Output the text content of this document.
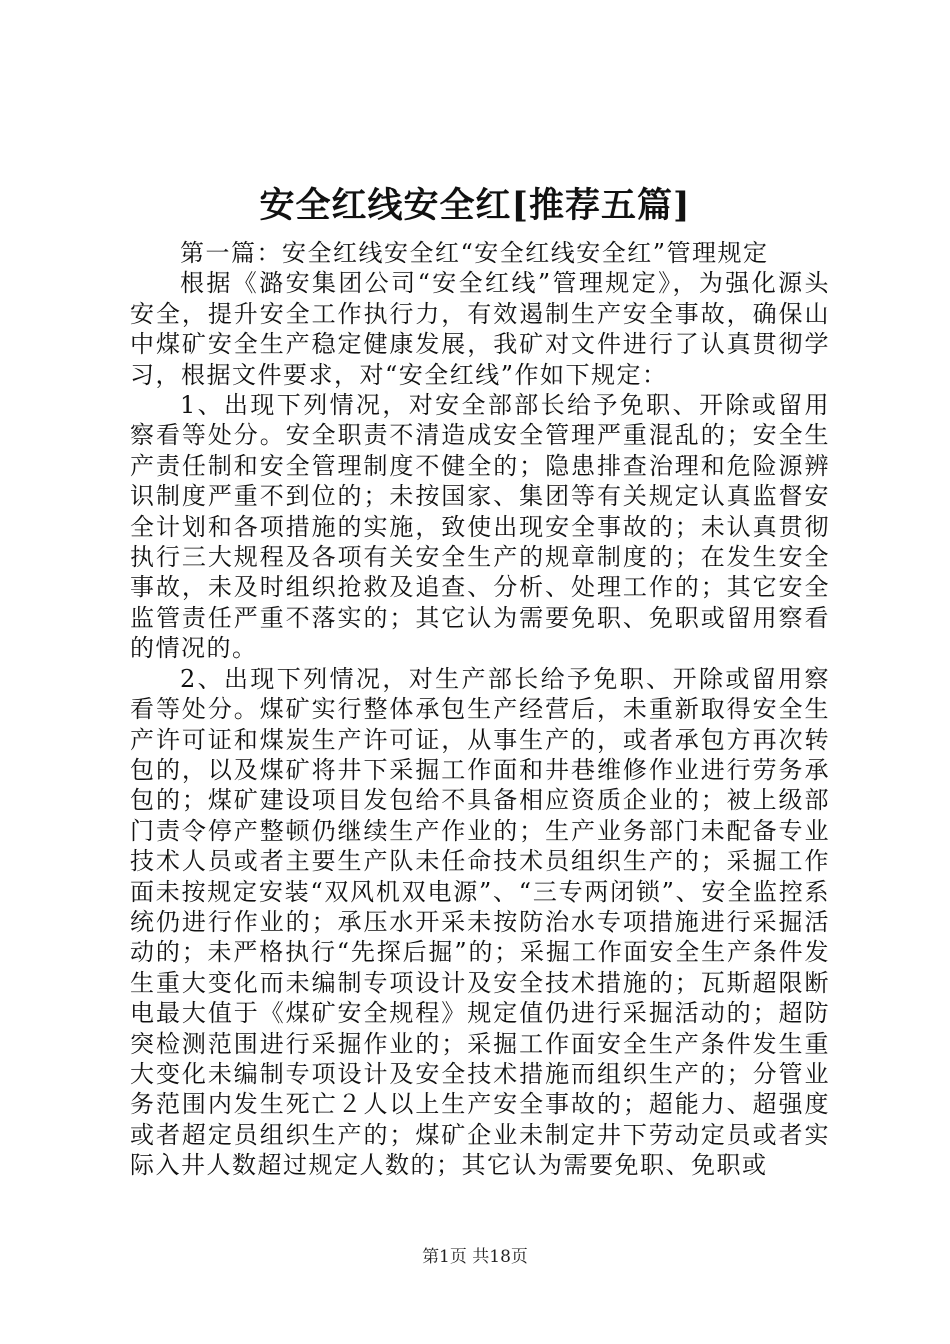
安全红线安全红[推荐五篇]

第一篇：安全红线安全红“安全红线安全红”管理规定

根据《潞安集团公司“安全红线”管理规定》，为强化源头安全，提升安全工作执行力，有效遏制生产安全事故，确保山中煤矿安全生产稳定健康发展，我矿对文件进行了认真贯彻学习，根据文件要求，对“安全红线”作如下规定：

1、出现下列情况，对安全部部长给予免职、开除或留用察看等处分。安全职责不清造成安全管理严重混乱的；安全生产责任制和安全管理制度不健全的；隐患排查治理和危险源辨识制度严重不到位的；未按国家、集团等有关规定认真监督安全计划和各项措施的实施，致使出现安全事故的；未认真贯彻执行三大规程及各项有关安全生产的规章制度的；在发生安全事故，未及时组织抢救及追查、分析、处理工作的；其它安全监管责任严重不落实的；其它认为需要免职、免职或留用察看的情况的。

2、出现下列情况，对生产部长给予免职、开除或留用察看等处分。煤矿实行整体承包生产经营后，未重新取得安全生产许可证和煤炭生产许可证，从事生产的，或者承包方再次转包的，以及煤矿将井下采掘工作面和井巷维修作业进行劳务承包的；煤矿建设项目发包给不具备相应资质企业的；被上级部门责令停产整顿仍继续生产作业的；生产业务部门未配备专业技术人员或者主要生产队未任命技术员组织生产的；采掘工作面未按规定安装“双风机双电源”、“三专两闭锁”、安全监控系统仍进行作业的；承压水开采未按防治水专项措施进行采掘活动的；未严格执行“先探后掘”的；采掘工作面安全生产条件发生重大变化而未编制专项设计及安全技术措施的；瓦斯超限断电最大值于《煤矿安全规程》规定值仍进行采掘活动的；超防突检测范围进行采掘作业的；采掘工作面安全生产条件发生重大变化未编制专项设计及安全技术措施而组织生产的；分管业务范围内发生死亡２人以上生产安全事故的；超能力、超强度或者超定员组织生产的；煤矿企业未制定井下劳动定员或者实际入井人数超过规定人数的；其它认为需要免职、免职或

第1页 共18页
